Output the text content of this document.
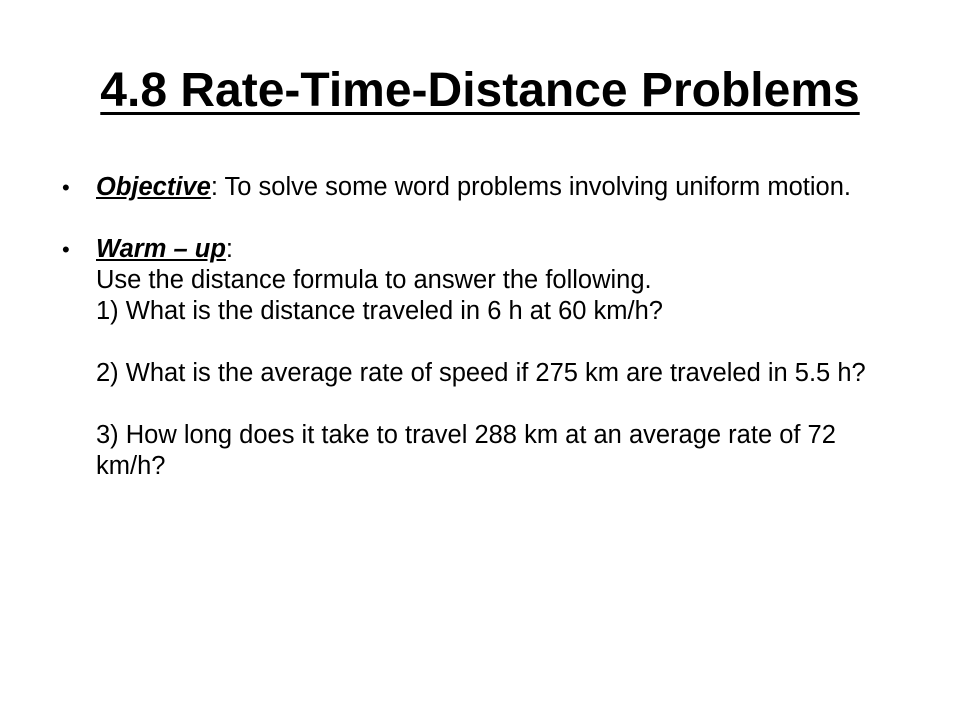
4.8 Rate-Time-Distance Problems
•	Objective: To solve some word problems involving uniform motion.
•	Warm – up:
Use the distance formula to answer the following.
1) What is the distance traveled in 6 h at 60 km/h?
2) What is the average rate of speed if 275 km are traveled in 5.5 h?
3) How long does it take to travel 288 km at an average rate of 72 km/h?
